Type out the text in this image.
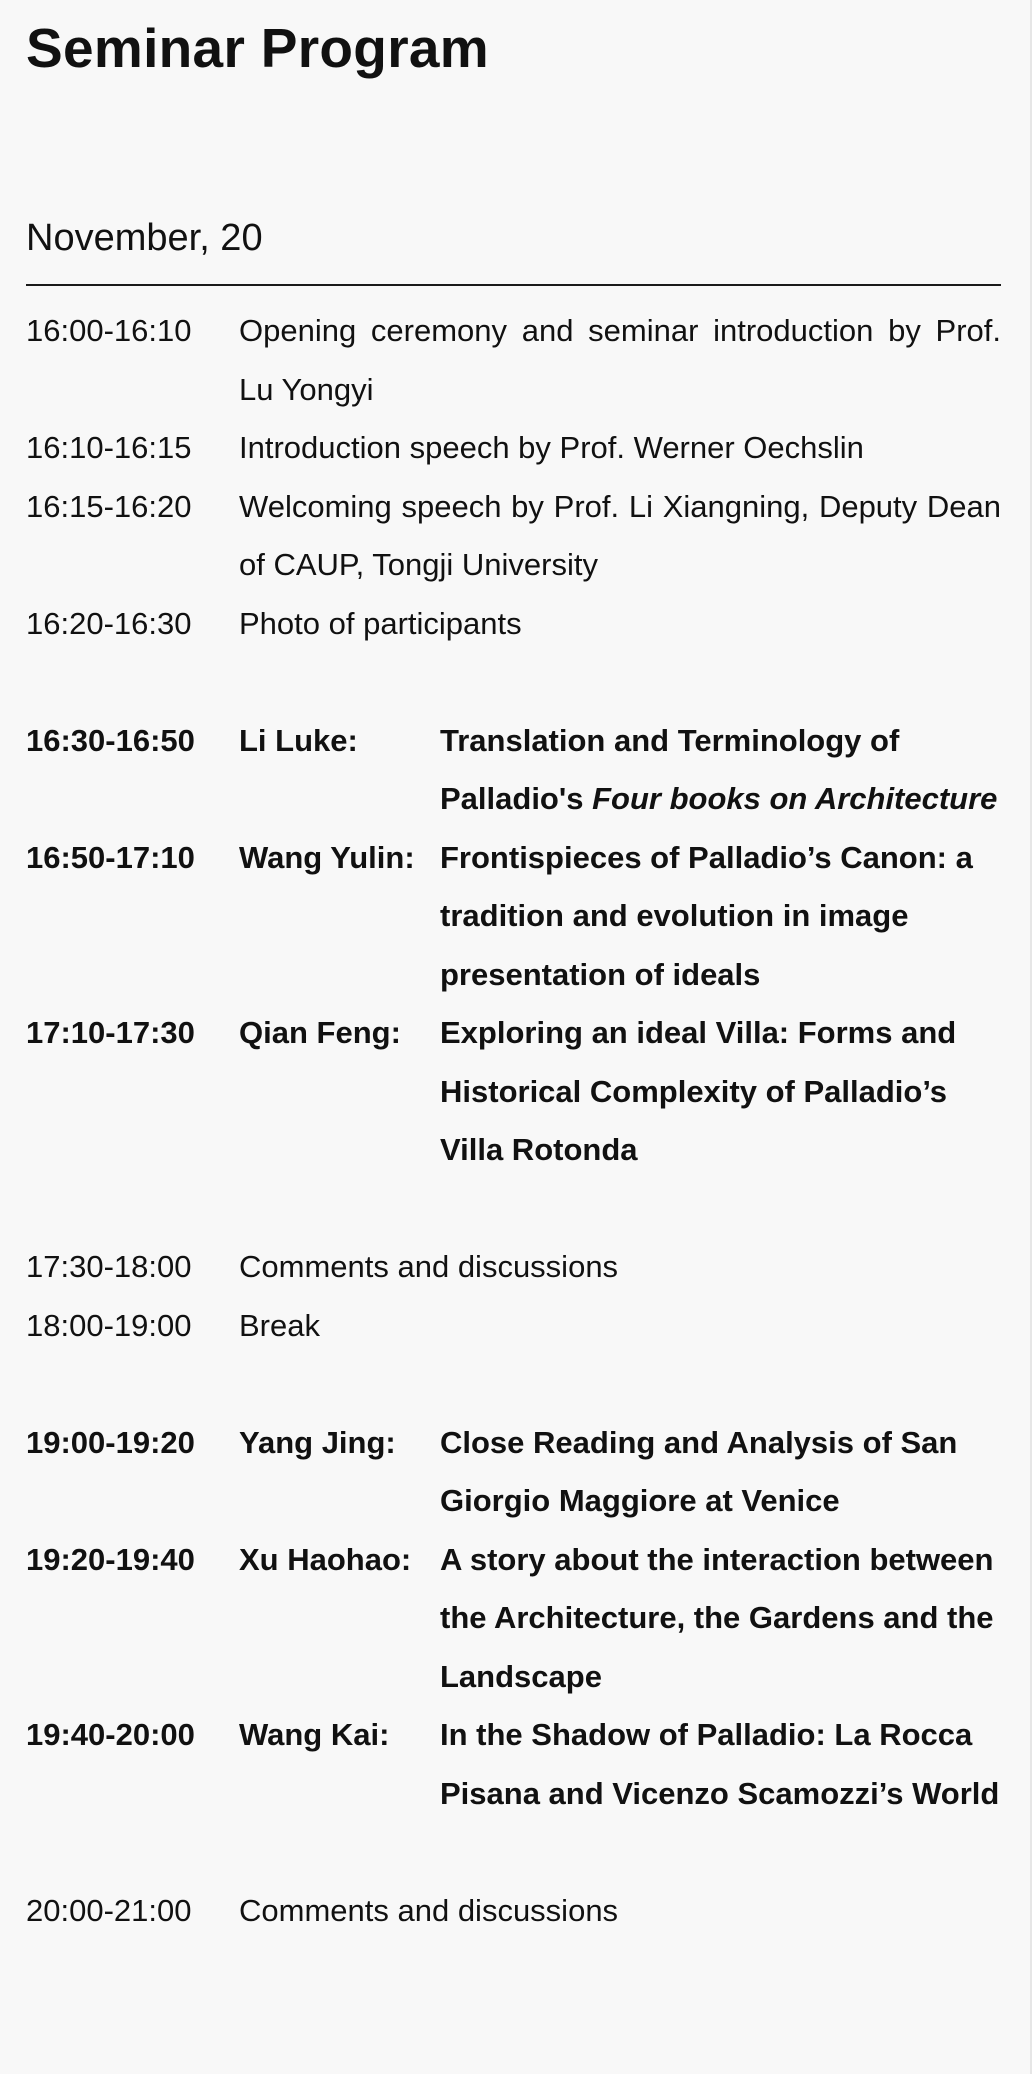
Seminar Program
November, 20
16:00-16:10	Opening ceremony and seminar introduction by Prof. Lu Yongyi
16:10-16:15	Introduction speech by Prof. Werner Oechslin
16:15-16:20	Welcoming speech by Prof. Li Xiangning, Deputy Dean of CAUP, Tongji University
16:20-16:30	Photo of participants
16:30-16:50	Li Luke:	Translation and Terminology of Palladio's Four books on Architecture
16:50-17:10	Wang Yulin: Frontispieces of Palladio’s Canon: a tradition and evolution in image presentation of ideals
17:10-17:30	Qian Feng:	Exploring an ideal Villa: Forms and Historical Complexity of Palladio’s Villa Rotonda
17:30-18:00	Comments and discussions
18:00-19:00	Break
19:00-19:20	Yang Jing:	Close Reading and Analysis of San Giorgio Maggiore at Venice
19:20-19:40	Xu Haohao: A story about the interaction between the Architecture, the Gardens and the Landscape
19:40-20:00	Wang Kai:	In the Shadow of Palladio: La Rocca Pisana and Vicenzo Scamozzi’s World
20:00-21:00	Comments and discussions
